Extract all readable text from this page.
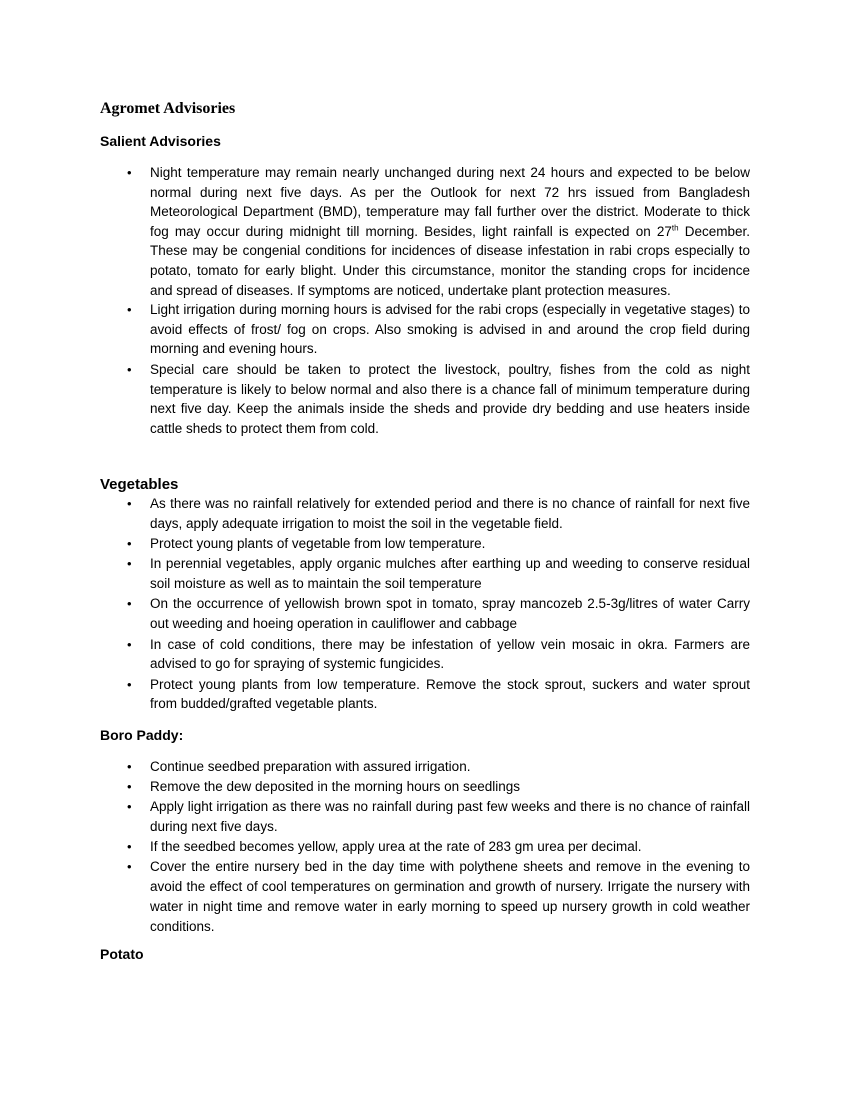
Agromet Advisories
Salient Advisories
• Night temperature may remain nearly unchanged during next 24 hours and expected to be below normal during next five days. As per the Outlook for next 72 hrs issued from Bangladesh Meteorological Department (BMD), temperature may fall further over the district. Moderate to thick fog may occur during midnight till morning. Besides, light rainfall is expected on 27th December. These may be congenial conditions for incidences of disease infestation in rabi crops especially to potato, tomato for early blight. Under this circumstance, monitor the standing crops for incidence and spread of diseases. If symptoms are noticed, undertake plant protection measures.
• Light irrigation during morning hours is advised for the rabi crops (especially in vegetative stages) to avoid effects of frost/ fog on crops. Also smoking is advised in and around the crop field during morning and evening hours.
• Special care should be taken to protect the livestock, poultry, fishes from the cold as night temperature is likely to below normal and also there is a chance fall of minimum temperature during next five day. Keep the animals inside the sheds and provide dry bedding and use heaters inside cattle sheds to protect them from cold.
Vegetables
• As there was no rainfall relatively for extended period and there is no chance of rainfall for next five days, apply adequate irrigation to moist the soil in the vegetable field.
• Protect young plants of vegetable from low temperature.
• In perennial vegetables, apply organic mulches after earthing up and weeding to conserve residual soil moisture as well as to maintain the soil temperature
• On the occurrence of yellowish brown spot in tomato, spray mancozeb 2.5-3g/litres of water Carry out weeding and hoeing operation in cauliflower and cabbage
• In case of cold conditions, there may be infestation of yellow vein mosaic in okra. Farmers are advised to go for spraying of systemic fungicides.
• Protect young plants from low temperature. Remove the stock sprout, suckers and water sprout from budded/grafted vegetable plants.
Boro Paddy:
• Continue seedbed preparation with assured irrigation.
• Remove the dew deposited in the morning hours on seedlings
• Apply light irrigation as there was no rainfall during past few weeks and there is no chance of rainfall during next five days.
• If the seedbed becomes yellow, apply urea at the rate of 283 gm urea per decimal.
• Cover the entire nursery bed in the day time with polythene sheets and remove in the evening to avoid the effect of cool temperatures on germination and growth of nursery. Irrigate the nursery with water in night time and remove water in early morning to speed up nursery growth in cold weather conditions.
Potato
